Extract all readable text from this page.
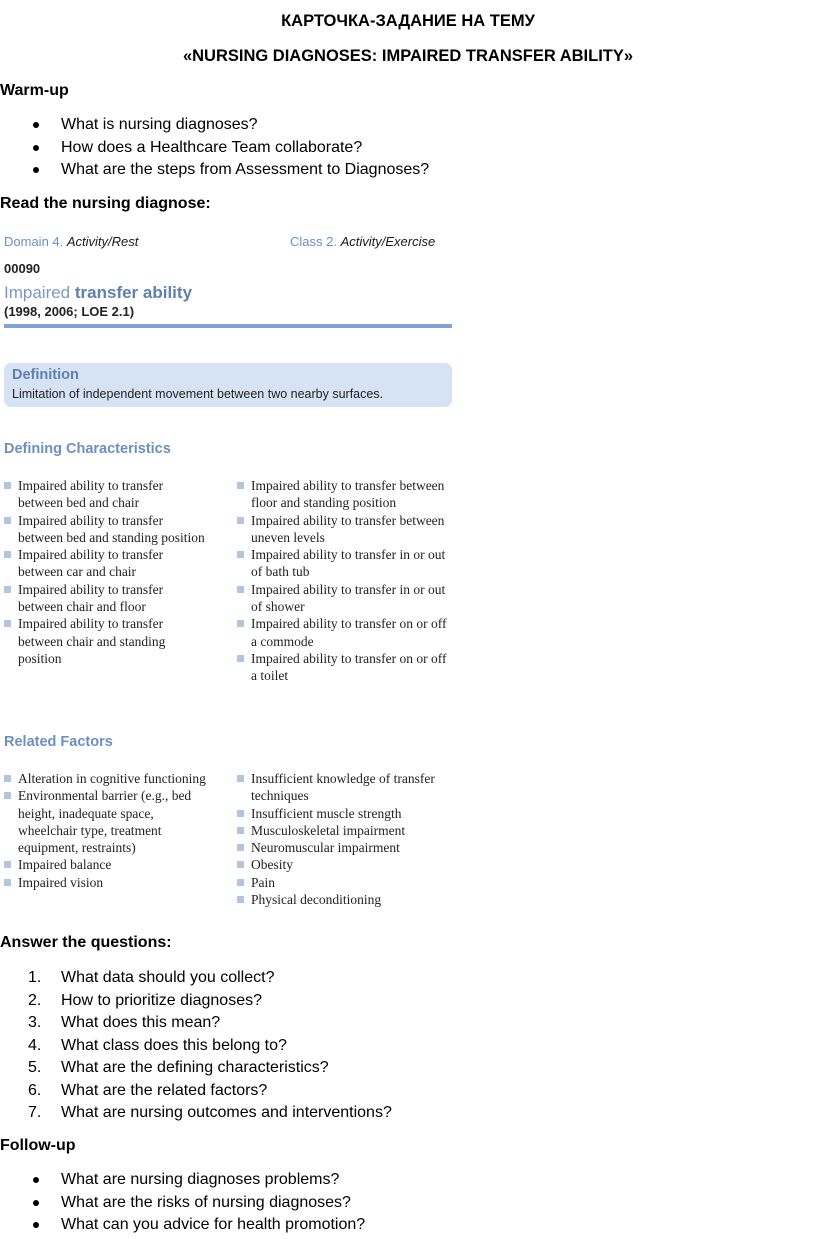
КАРТОЧКА-ЗАДАНИЕ НА ТЕМУ
«NURSING DIAGNOSES: IMPAIRED TRANSFER ABILITY»
Warm-up
What is nursing diagnoses?
How does a Healthcare Team collaborate?
What are the steps from Assessment to Diagnoses?
Read the nursing diagnose:
Domain 4. Activity/Rest	Class 2. Activity/Exercise
00090
Impaired transfer ability
(1998, 2006; LOE 2.1)
Definition
Limitation of independent movement between two nearby surfaces.
Defining Characteristics
Impaired ability to transfer between bed and chair
Impaired ability to transfer between bed and standing position
Impaired ability to transfer between car and chair
Impaired ability to transfer between chair and floor
Impaired ability to transfer between chair and standing position
Impaired ability to transfer between floor and standing position
Impaired ability to transfer between uneven levels
Impaired ability to transfer in or out of bath tub
Impaired ability to transfer in or out of shower
Impaired ability to transfer on or off a commode
Impaired ability to transfer on or off a toilet
Related Factors
Alteration in cognitive functioning
Environmental barrier (e.g., bed height, inadequate space, wheelchair type, treatment equipment, restraints)
Impaired balance
Impaired vision
Insufficient knowledge of transfer techniques
Insufficient muscle strength
Musculoskeletal impairment
Neuromuscular impairment
Obesity
Pain
Physical deconditioning
Answer the questions:
1.	What data should you collect?
2.	How to prioritize diagnoses?
3.	What does this mean?
4.	What class does this belong to?
5.	What are the defining characteristics?
6.	What are the related factors?
7.	What are nursing outcomes and interventions?
Follow-up
What are nursing diagnoses problems?
What are the risks of nursing diagnoses?
What can you advice for health promotion?
